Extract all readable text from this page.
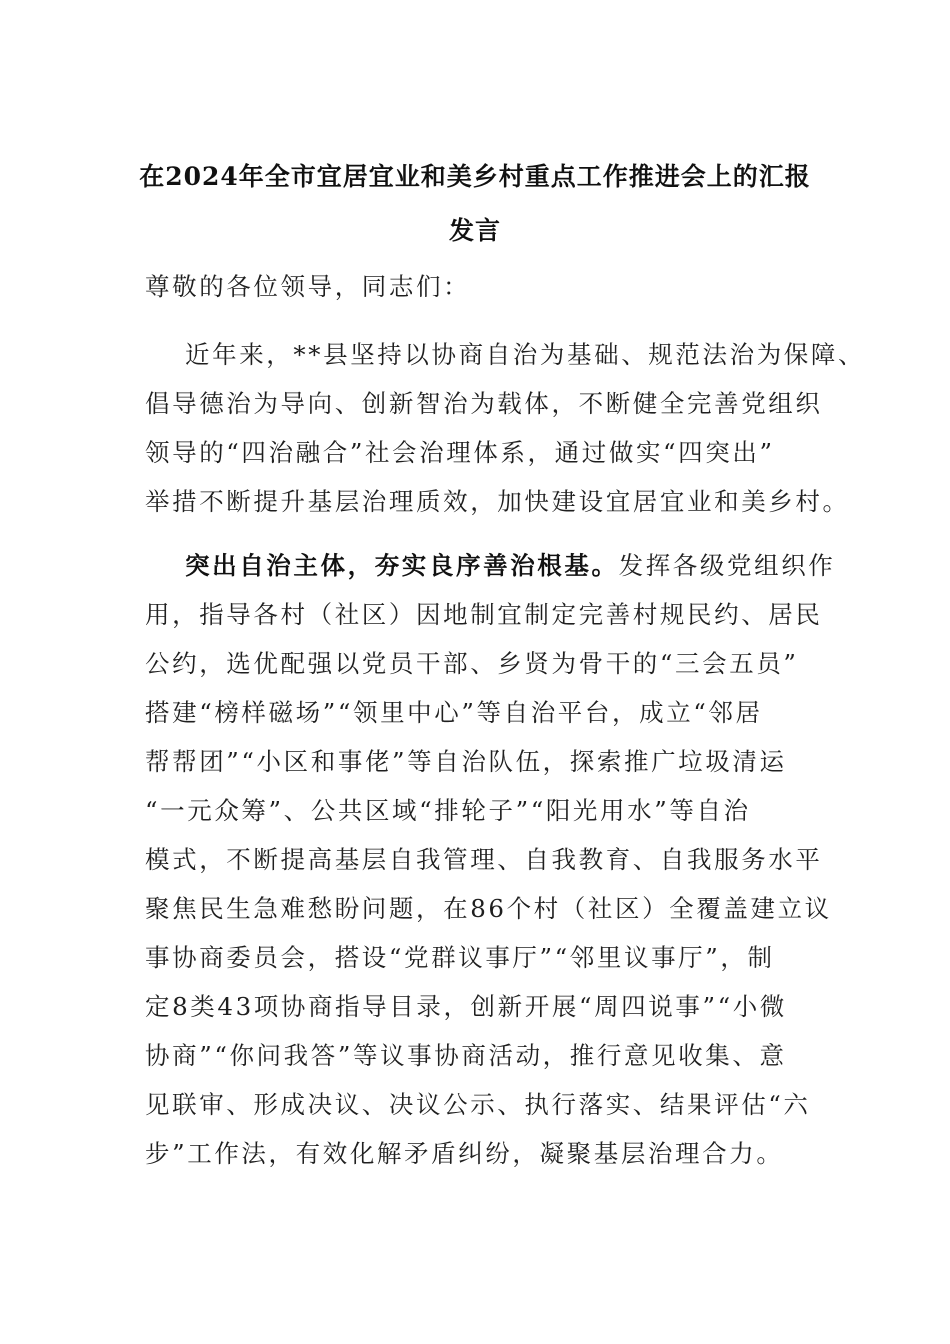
在2024年全市宜居宜业和美乡村重点工作推进会上的汇报
发言
尊敬的各位领导，同志们：
近年来，**县坚持以协商自治为基础、规范法治为保障、
倡导德治为导向、创新智治为载体，不断健全完善党组织
领导的“四治融合”社会治理体系，通过做实“四突出”
举措不断提升基层治理质效，加快建设宜居宜业和美乡村。
突出自治主体，夯实良序善治根基。发挥各级党组织作
用，指导各村（社区）因地制宜制定完善村规民约、居民
公约，选优配强以党员干部、乡贤为骨干的“三会五员”
搭建“榜样磁场”“领里中心”等自治平台，成立“邻居
帮帮团”“小区和事佬”等自治队伍，探索推广垃圾清运
“一元众筹”、公共区域“排轮子”“阳光用水”等自治
模式，不断提高基层自我管理、自我教育、自我服务水平
聚焦民生急难愁盼问题，在86个村（社区）全覆盖建立议
事协商委员会，搭设“党群议事厅”“邻里议事厅”，制
定8类43项协商指导目录，创新开展“周四说事”“小微
协商”“你问我答”等议事协商活动，推行意见收集、意
见联审、形成决议、决议公示、执行落实、结果评估“六
步”工作法，有效化解矛盾纠纷，凝聚基层治理合力。
